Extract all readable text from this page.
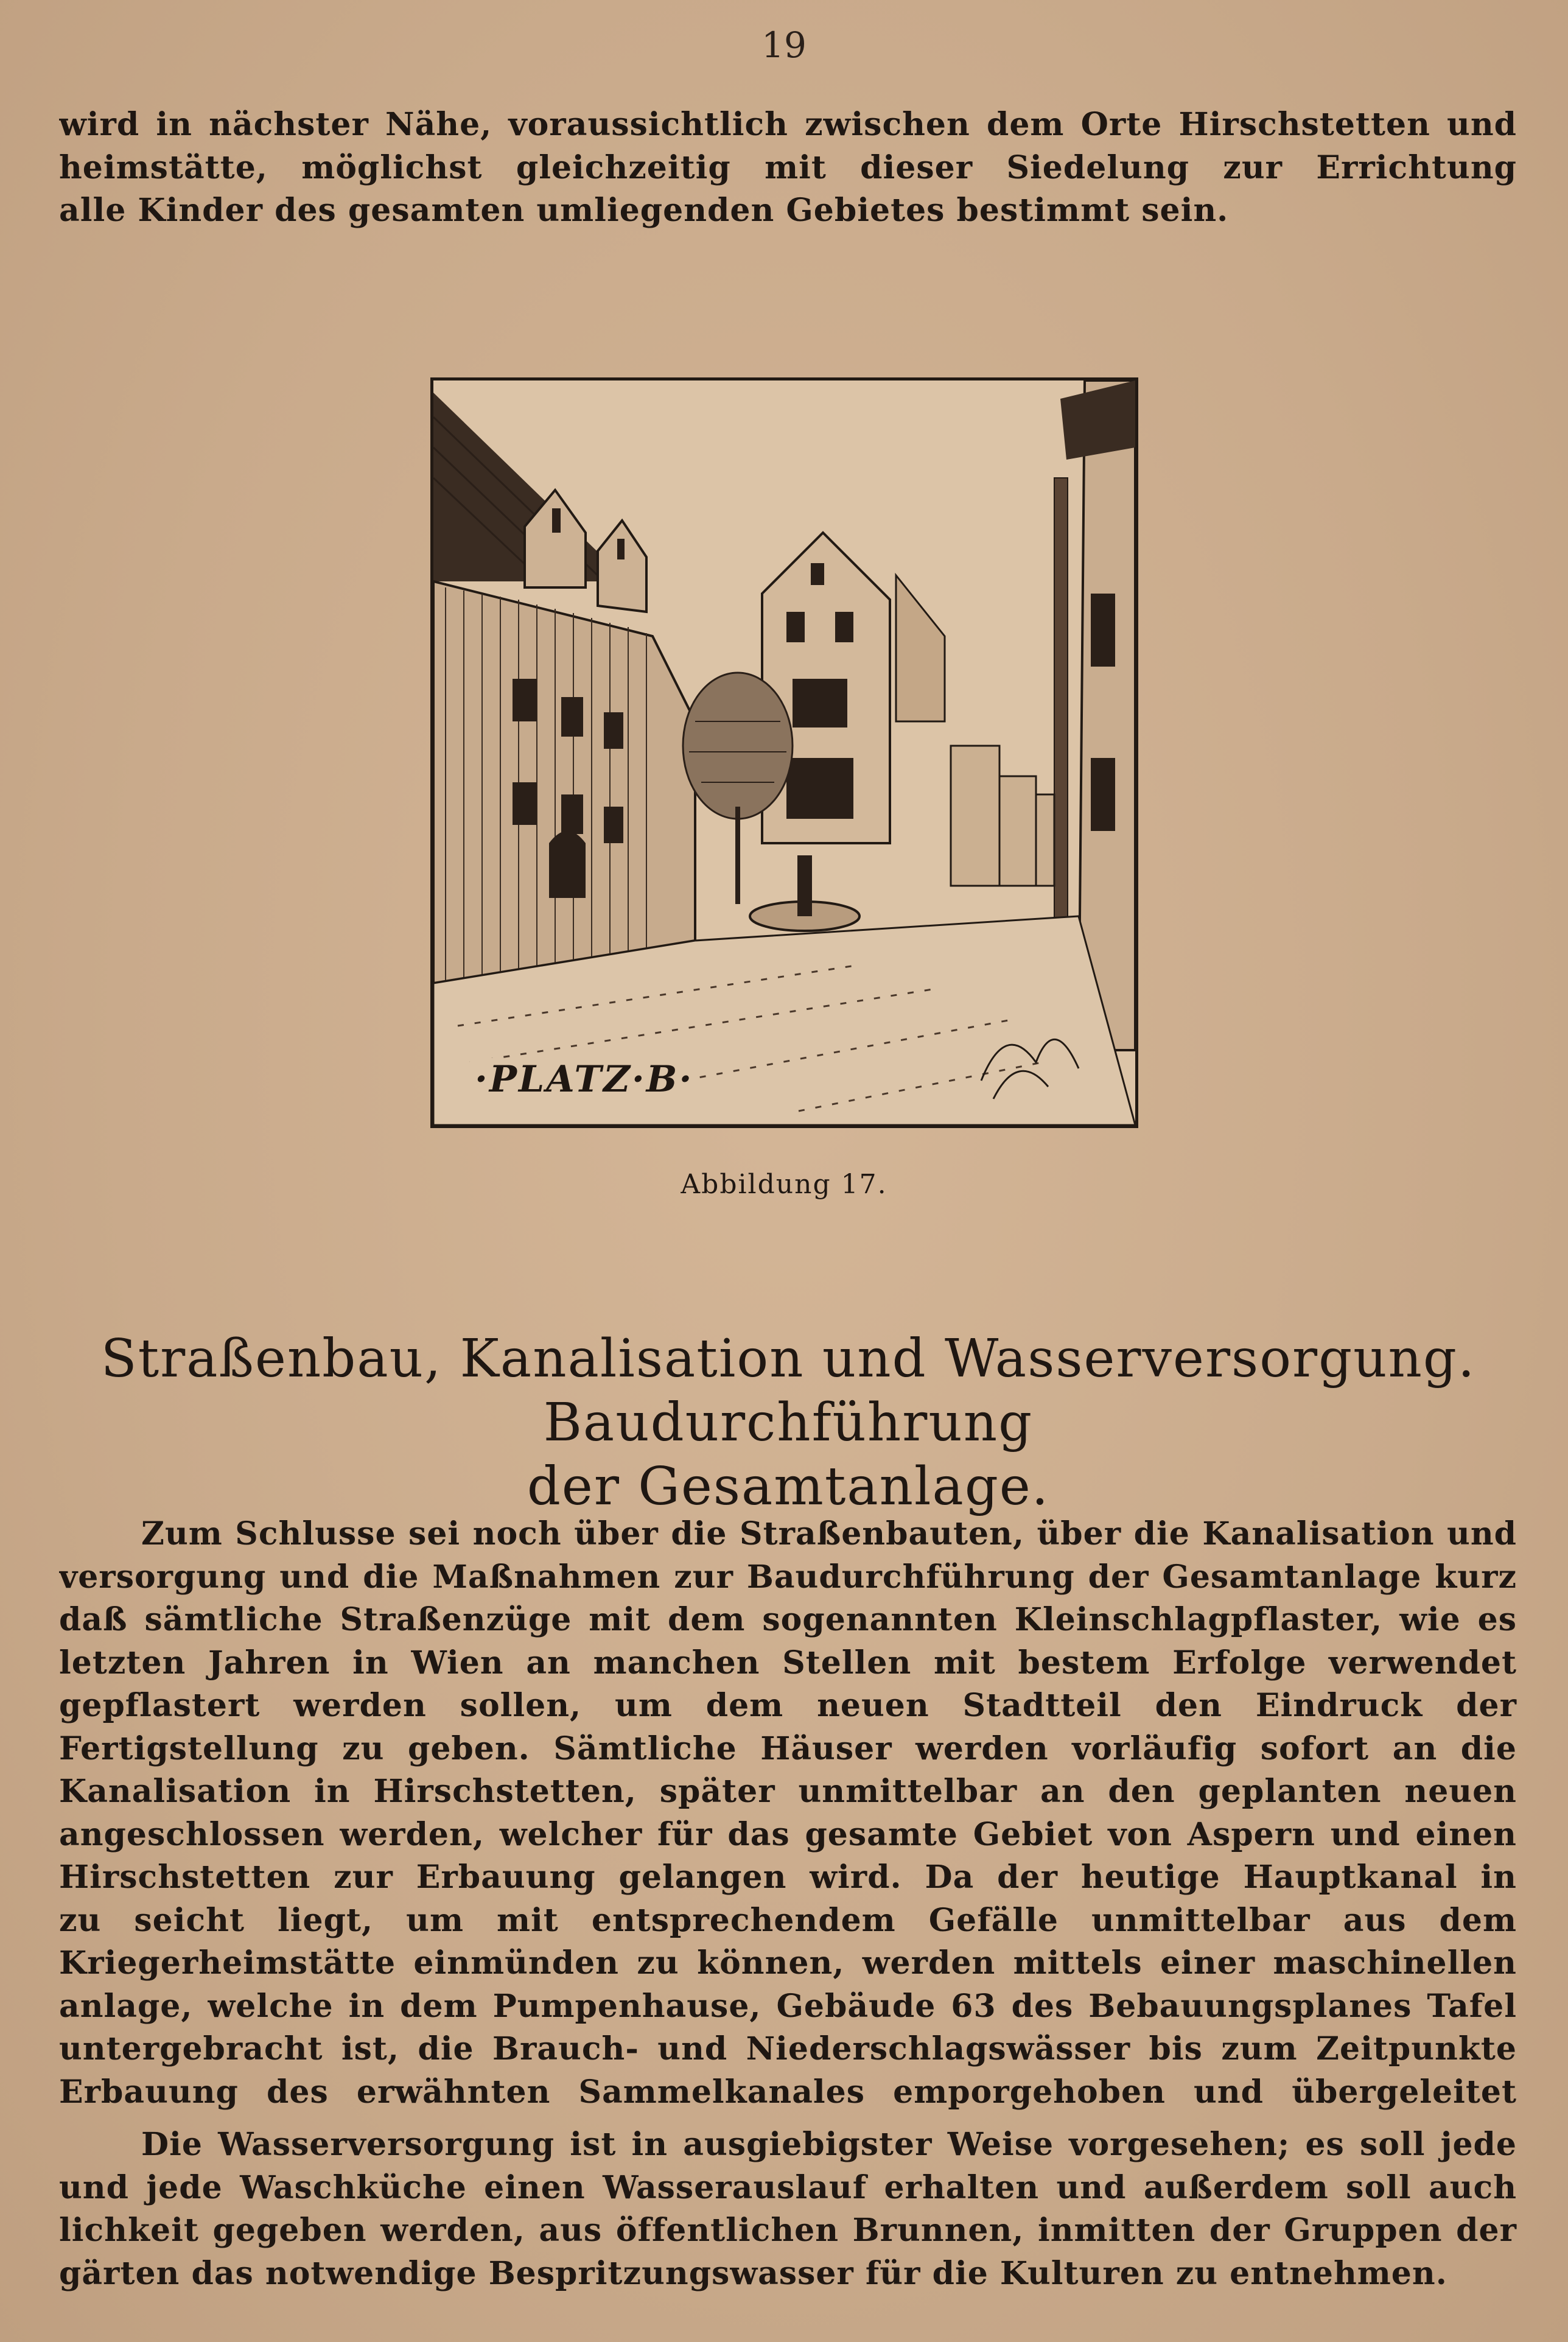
19
wird in nächster Nähe, voraussichtlich zwischen dem Orte Hirschstetten und
heimstätte, möglichst gleichzeitig mit dieser Siedelung zur Errichtung
alle Kinder des gesamten umliegenden Gebietes bestimmt sein.
·PLATZ·B·
Abbildung 17.
Straßenbau, Kanalisation und Wasserversorgung. Baudurchführung
der Gesamtanlage.
Zum Schlusse sei noch über die Straßenbauten, über die Kanalisation und
versorgung und die Maßnahmen zur Baudurchführung der Gesamtanlage kurz
daß sämtliche Straßenzüge mit dem sogenannten Kleinschlagpflaster, wie es
letzten Jahren in Wien an manchen Stellen mit bestem Erfolge verwendet
gepflastert werden sollen, um dem neuen Stadtteil den Eindruck der
Fertigstellung zu geben. Sämtliche Häuser werden vorläufig sofort an die
Kanalisation in Hirschstetten, später unmittelbar an den geplanten neuen
angeschlossen werden, welcher für das gesamte Gebiet von Aspern und einen
Hirschstetten zur Erbauung gelangen wird. Da der heutige Hauptkanal in
zu seicht liegt, um mit entsprechendem Gefälle unmittelbar aus dem
Kriegerheimstätte einmünden zu können, werden mittels einer maschinellen
anlage, welche in dem Pumpenhause, Gebäude 63 des Bebauungsplanes Tafel
untergebracht ist, die Brauch- und Niederschlagswässer bis zum Zeitpunkte
Erbauung des erwähnten Sammelkanales emporgehoben und übergeleitet
Die Wasserversorgung ist in ausgiebigster Weise vorgesehen; es soll jede
und jede Waschküche einen Wasserauslauf erhalten und außerdem soll auch
lichkeit gegeben werden, aus öffentlichen Brunnen, inmitten der Gruppen der
gärten das notwendige Bespritzungswasser für die Kulturen zu entnehmen.
